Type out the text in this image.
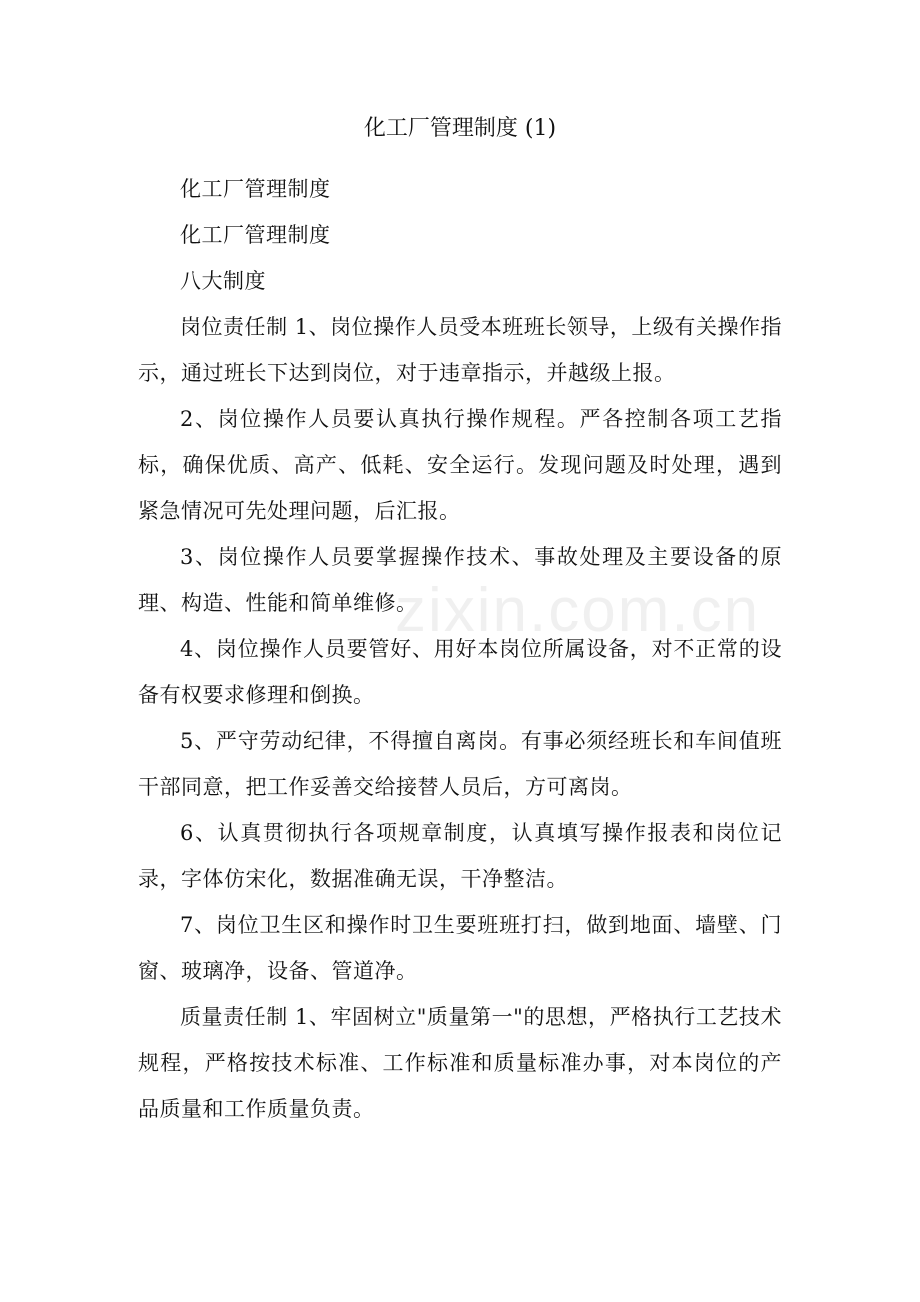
化工厂管理制度 (1)

化工厂管理制度

化工厂管理制度

八大制度

岗位责任制 1、岗位操作人员受本班班长领导，上级有关操作指示，通过班长下达到岗位，对于违章指示，并越级上报。

2、岗位操作人员要认真执行操作规程。严各控制各项工艺指标，确保优质、高产、低耗、安全运行。发现问题及时处理，遇到紧急情况可先处理问题，后汇报。

3、岗位操作人员要掌握操作技术、事故处理及主要设备的原理、构造、性能和简单维修。

4、岗位操作人员要管好、用好本岗位所属设备，对不正常的设备有权要求修理和倒换。

5、严守劳动纪律，不得擅自离岗。有事必须经班长和车间值班干部同意，把工作妥善交给接替人员后，方可离岗。

6、认真贯彻执行各项规章制度，认真填写操作报表和岗位记录，字体仿宋化，数据准确无误，干净整洁。

7、岗位卫生区和操作时卫生要班班打扫，做到地面、墙壁、门窗、玻璃净，设备、管道净。

质量责任制 1、牢固树立"质量第一"的思想，严格执行工艺技术规程，严格按技术标准、工作标准和质量标准办事，对本岗位的产品质量和工作质量负责。

zixin.com.cn
